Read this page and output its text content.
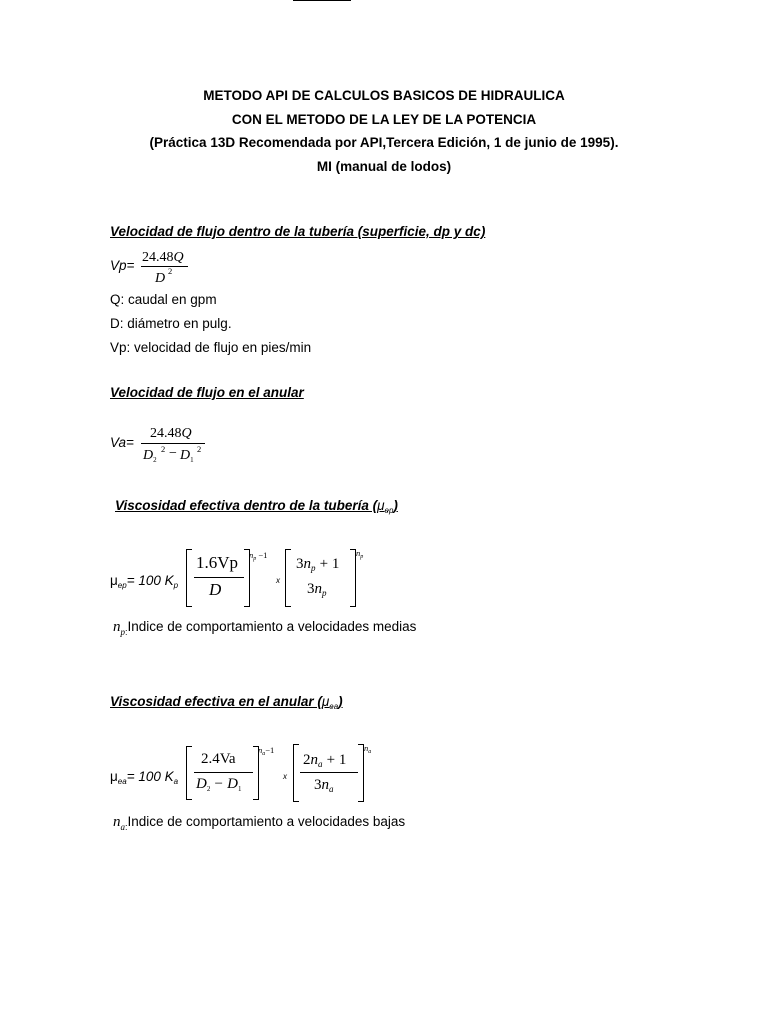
METODO API DE CALCULOS BASICOS DE HIDRAULICA
CON EL METODO DE LA LEY DE LA POTENCIA
(Práctica 13D Recomendada por API,Tercera Edición, 1 de junio de 1995).
MI (manual de lodos)
Velocidad de flujo dentro de la tubería (superficie, dp y dc)
Vp=
24.48Q
D 2
Q: caudal en gpm
D: diámetro en pulg.
Vp: velocidad de flujo en pies/min
Velocidad de flujo en el anular
Va=
24.48Q
$D_2$
$2 - D_1$
2
Viscosidad efectiva dentro de la tubería $(\mu_{ep})$
$\mu_{ep}= 100$ $K_p$
1.6Vp
D
$n_p -1$
x
$3n_p + 1$
$3n_p$
$n_p$
$n_{p:}Indice$ de comportamiento a velocidades medias
Viscosidad efectiva en el anular $(\mu_{ea})$
$\mu_{ea}= 100$ $K_a$
2.4Va
$D_2 - D_1$
$n_a-1$
x
$2n_a + 1$
$3n_a$
$n_a$
$n_{a:}Indice$ de comportamiento a velocidades bajas
